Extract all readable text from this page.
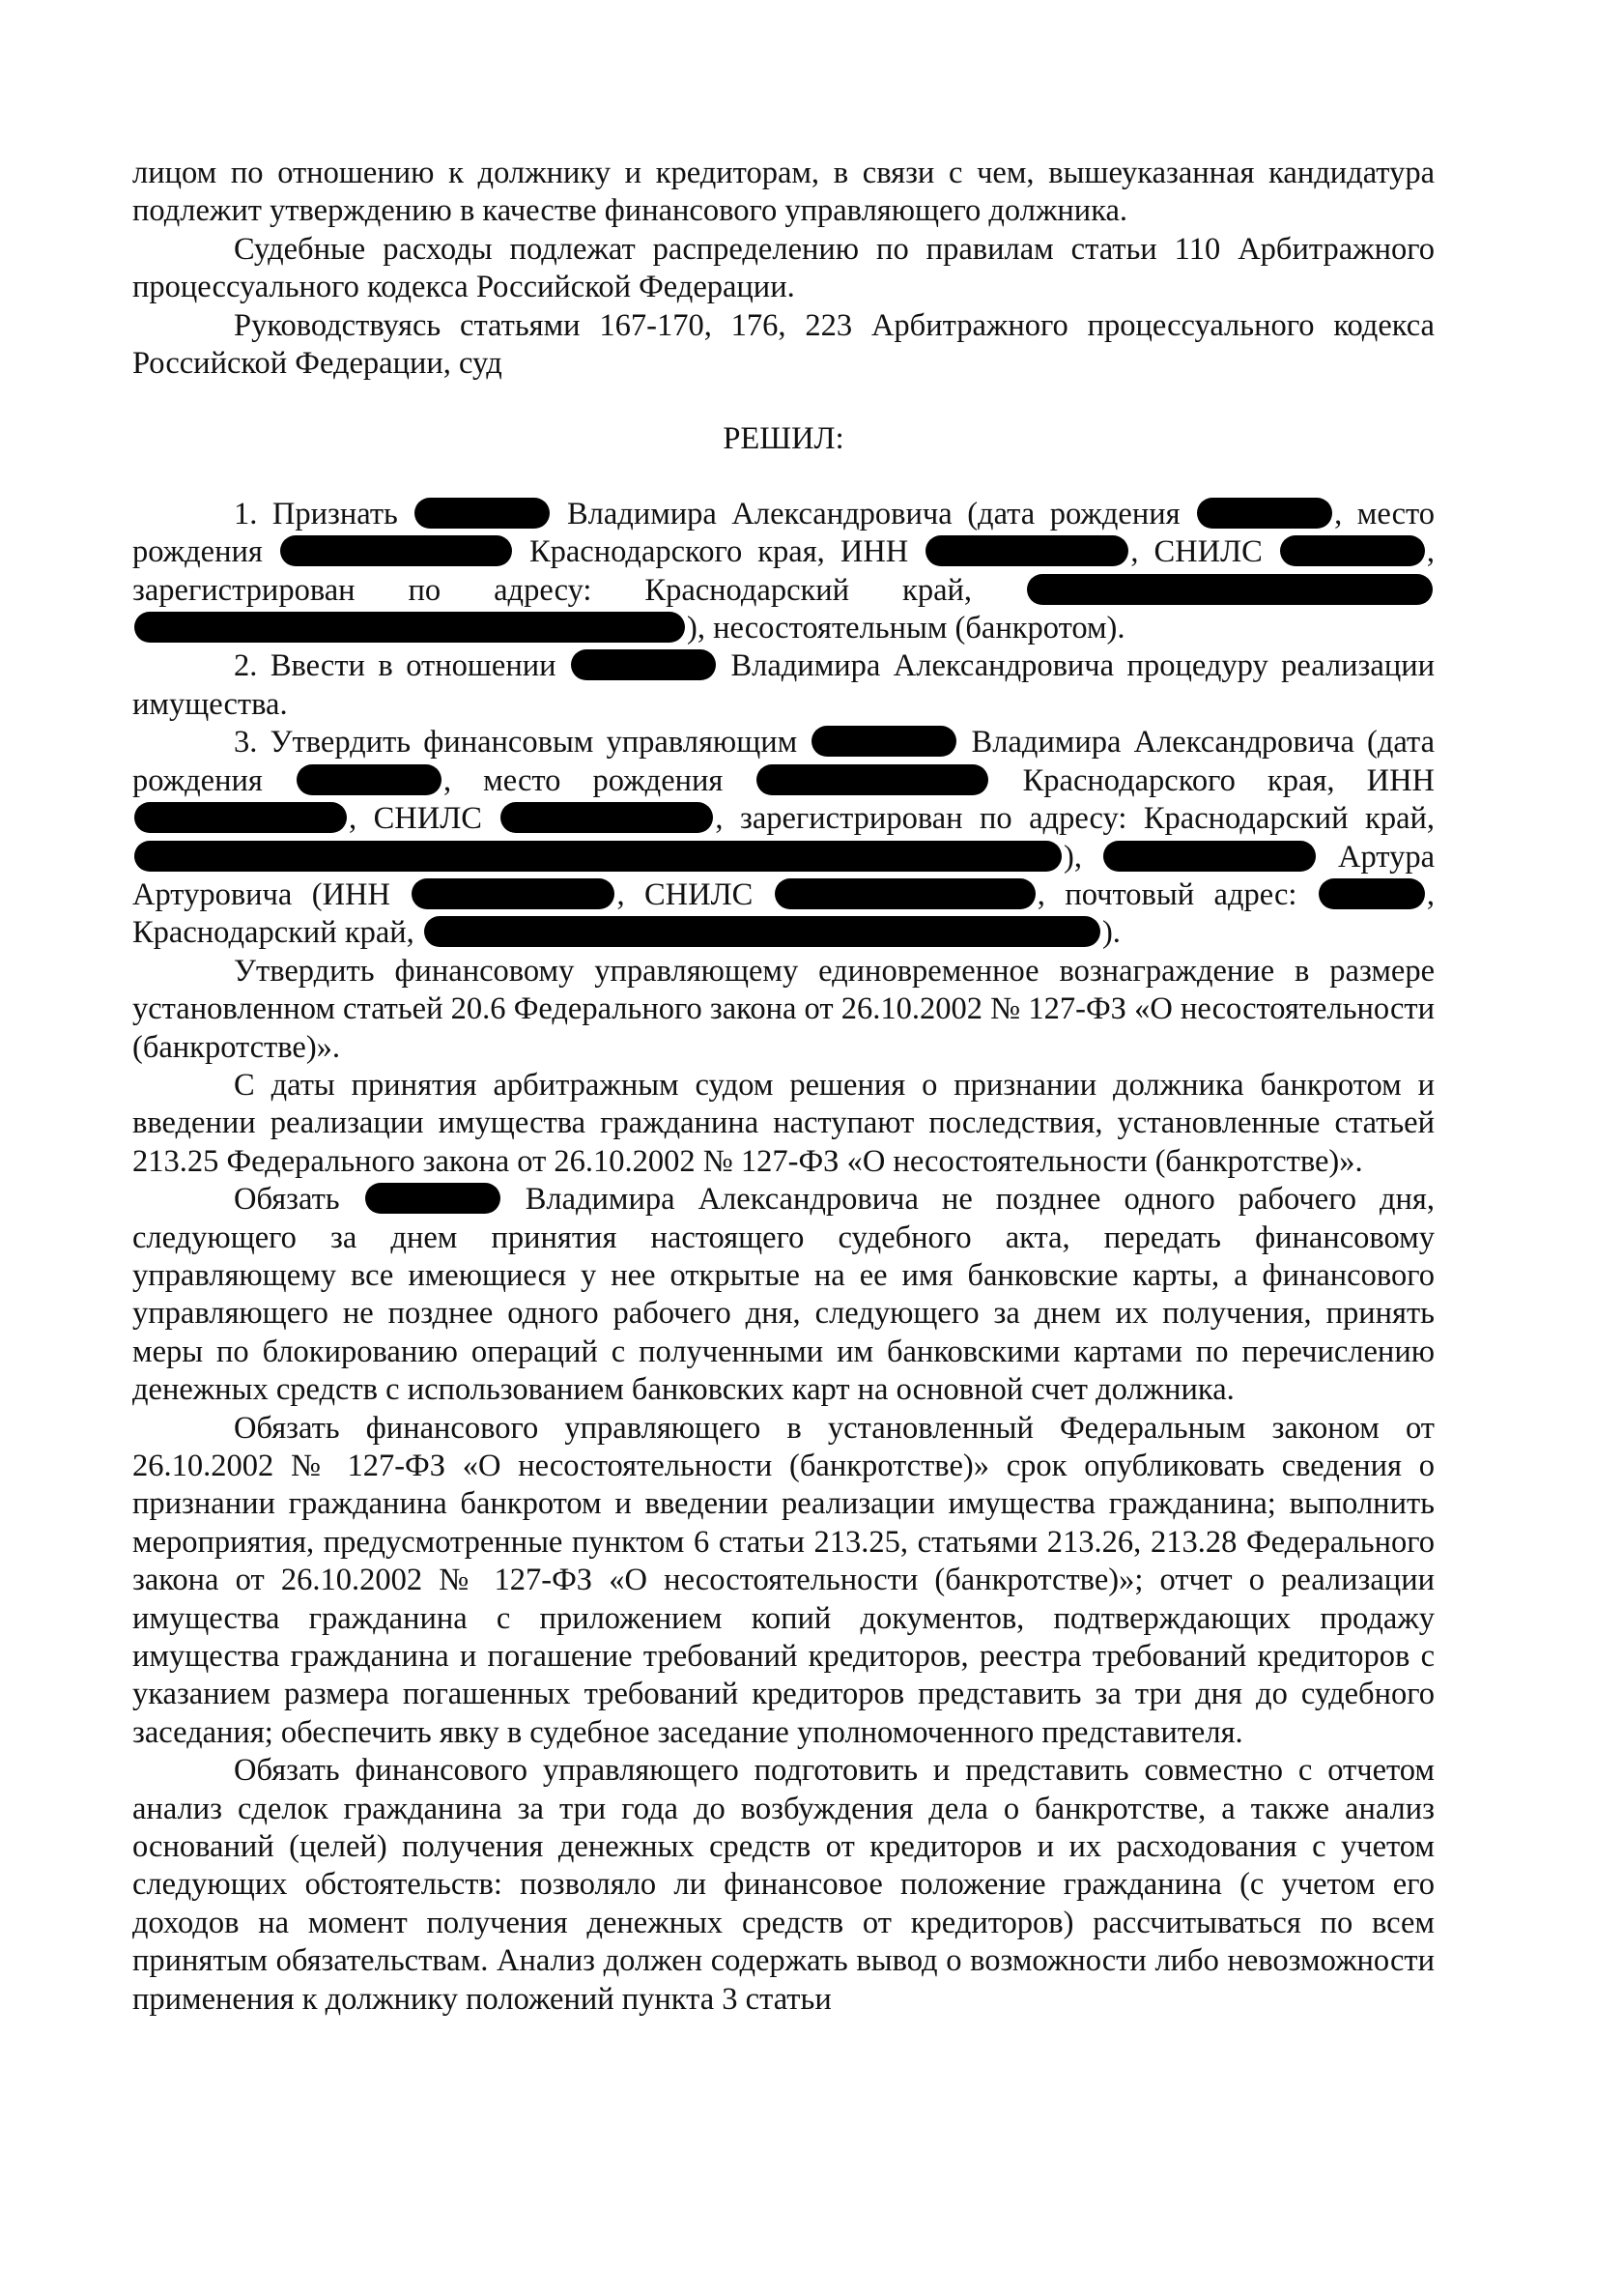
лицом по отношению к должнику и кредиторам, в связи с чем, вышеуказанная кандидатура подлежит утверждению в качестве финансового управляющего должника.

Судебные расходы подлежат распределению по правилам статьи 110 Арбитражного процессуального кодекса Российской Федерации.

Руководствуясь статьями 167-170, 176, 223 Арбитражного процессуального кодекса Российской Федерации, суд

РЕШИЛ:

1. Признать	Владимира Александровича (дата рождения	, место рождения	Краснодарского края, ИНН	, СНИЛС	, зарегистрирован по адресу: Краснодарский край,  ), несостоятельным (банкротом).

2. Ввести в отношении	Владимира Александровича процедуру реализации имущества.

3. Утвердить финансовым управляющим	Владимира Александровича (дата рождения	, место рождения	Краснодарского края, ИНН , СНИЛС	, зарегистрирован по адресу: Краснодарский край, ),	Артура Артуровича (ИНН	, СНИЛС	, почтовый адрес:	, Краснодарский край,	).

Утвердить финансовому управляющему единовременное вознаграждение в размере установленном статьей 20.6 Федерального закона от 26.10.2002 № 127-ФЗ «О несостоятельности (банкротстве)».

С даты принятия арбитражным судом решения о признании должника банкротом и введении реализации имущества гражданина наступают последствия, установленные статьей 213.25 Федерального закона от 26.10.2002 № 127-ФЗ «О несостоятельности (банкротстве)».

Обязать	Владимира Александровича не позднее одного рабочего дня, следующего за днем принятия настоящего судебного акта, передать финансовому управляющему все имеющиеся у нее открытые на ее имя банковские карты, а финансового управляющего не позднее одного рабочего дня, следующего за днем их получения, принять меры по блокированию операций с полученными им банковскими картами по перечислению денежных средств с использованием банковских карт на основной счет должника.

Обязать финансового управляющего в установленный Федеральным законом от 26.10.2002 № 127-ФЗ «О несостоятельности (банкротстве)» срок опубликовать сведения о признании гражданина банкротом и введении реализации имущества гражданина; выполнить мероприятия, предусмотренные пунктом 6 статьи 213.25, статьями 213.26, 213.28 Федерального закона от 26.10.2002 № 127-ФЗ «О несостоятельности (банкротстве)»; отчет о реализации имущества гражданина с приложением копий документов, подтверждающих продажу имущества гражданина и погашение требований кредиторов, реестра требований кредиторов с указанием размера погашенных требований кредиторов представить за три дня до судебного заседания; обеспечить явку в судебное заседание уполномоченного представителя.

Обязать финансового управляющего подготовить и представить совместно с отчетом анализ сделок гражданина за три года до возбуждения дела о банкротстве, а также анализ оснований (целей) получения денежных средств от кредиторов и их расходования с учетом следующих обстоятельств: позволяло ли финансовое положение гражданина (с учетом его доходов на момент получения денежных средств от кредиторов) рассчитываться по всем принятым обязательствам. Анализ должен содержать вывод о возможности либо невозможности применения к должнику положений пункта 3 статьи
